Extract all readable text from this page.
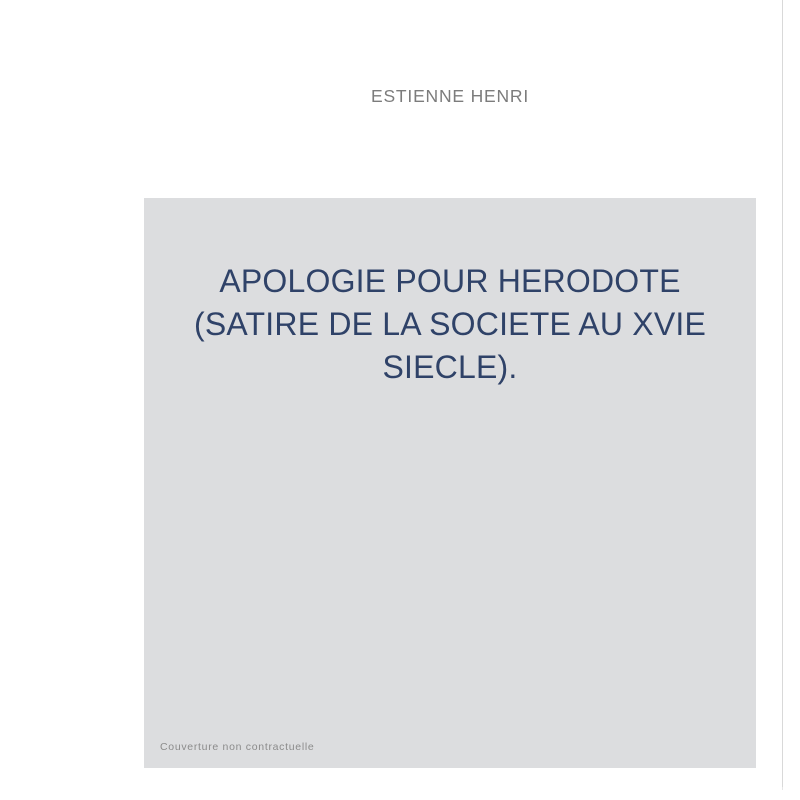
ESTIENNE HENRI
APOLOGIE POUR HERODOTE (SATIRE DE LA SOCIETE AU XVIE SIECLE).
Couverture non contractuelle
